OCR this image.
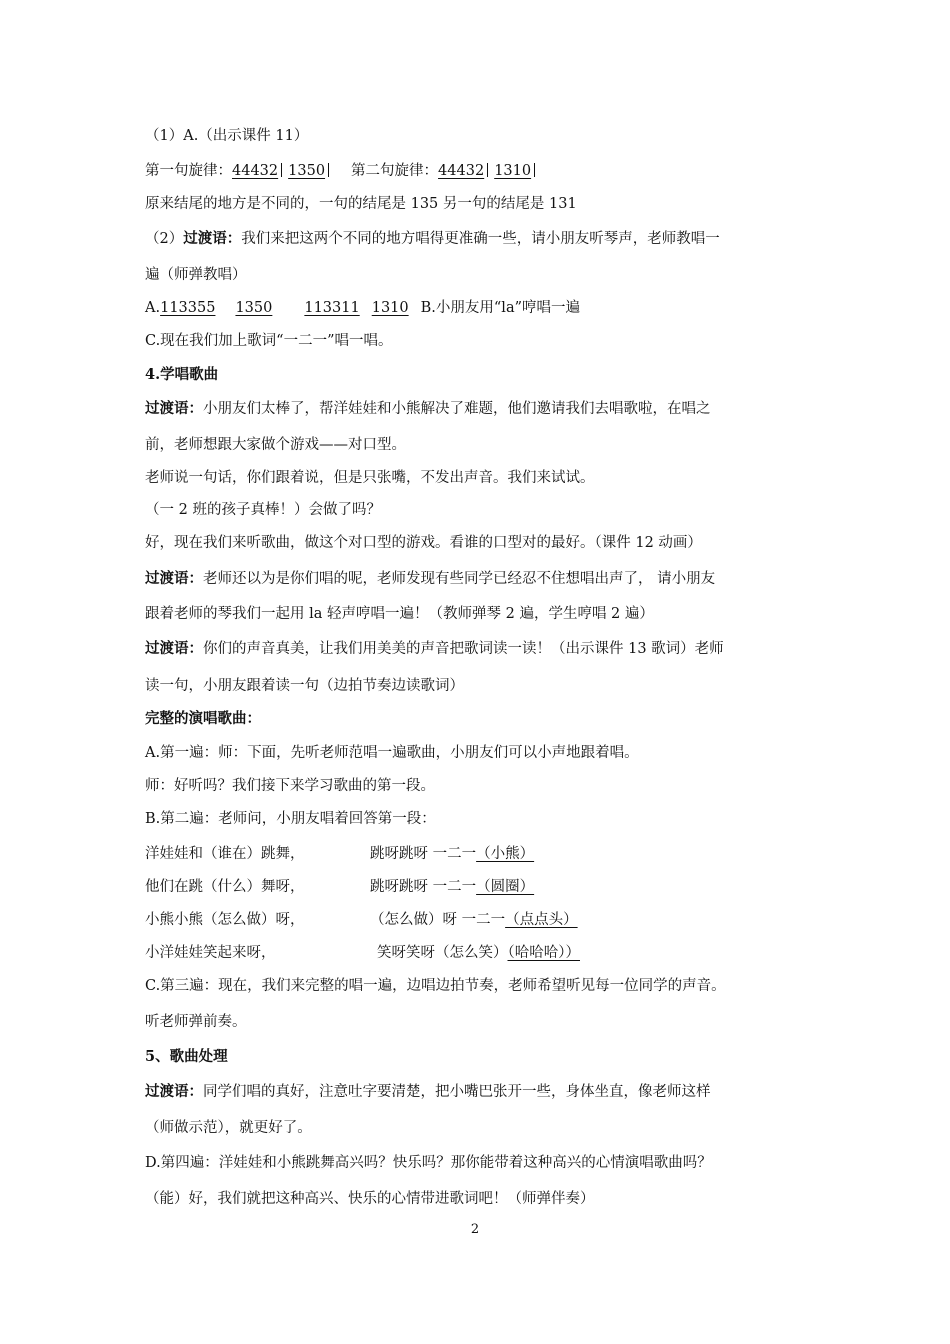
（1）A.（出示课件 11）
第一句旋律：44432 1350 第二句旋律：44432 1310
原来结尾的地方是不同的，一句的结尾是 135 另一句的结尾是 131
（2）过渡语：我们来把这两个不同的地方唱得更准确一些，请小朋友听琴声，老师教唱一
遍（师弹教唱）
A.113355 1350 113311 1310 B.小朋友用“la”哼唱一遍
C.现在我们加上歌词“一二一”唱一唱。
4.学唱歌曲
过渡语：小朋友们太棒了，帮洋娃娃和小熊解决了难题，他们邀请我们去唱歌啦，在唱之
前，老师想跟大家做个游戏——对口型。
老师说一句话，你们跟着说，但是只张嘴，不发出声音。我们来试试。
（一 2 班的孩子真棒！）会做了吗？
好，现在我们来听歌曲，做这个对口型的游戏。看谁的口型对的最好。（课件 12 动画）
过渡语：老师还以为是你们唱的呢，老师发现有些同学已经忍不住想唱出声了， 请小朋友
跟着老师的琴我们一起用 la 轻声哼唱一遍！（教师弹琴 2 遍，学生哼唱 2 遍）
过渡语：你们的声音真美，让我们用美美的声音把歌词读一读！（出示课件 13 歌词）老师
读一句，小朋友跟着读一句（边拍节奏边读歌词）
完整的演唱歌曲：
A.第一遍：师：下面，先听老师范唱一遍歌曲，小朋友们可以小声地跟着唱。
师：好听吗？我们接下来学习歌曲的第一段。
B.第二遍：老师问，小朋友唱着回答第一段：
洋娃娃和（谁在）跳舞，	跳呀跳呀 一二一（小熊）
他们在跳（什么）舞呀，	跳呀跳呀 一二一（圆圈）
小熊小熊（怎么做）呀，	（怎么做）呀 一二一（点点头）
小洋娃娃笑起来呀，	笑呀笑呀（怎么笑）（哈哈哈））
C.第三遍：现在，我们来完整的唱一遍，边唱边拍节奏，老师希望听见每一位同学的声音。
听老师弹前奏。
5、歌曲处理
过渡语：同学们唱的真好，注意吐字要清楚，把小嘴巴张开一些，身体坐直，像老师这样
（师做示范），就更好了。
D.第四遍：洋娃娃和小熊跳舞高兴吗？快乐吗？那你能带着这种高兴的心情演唱歌曲吗？
（能）好，我们就把这种高兴、快乐的心情带进歌词吧！（师弹伴奏）
2
